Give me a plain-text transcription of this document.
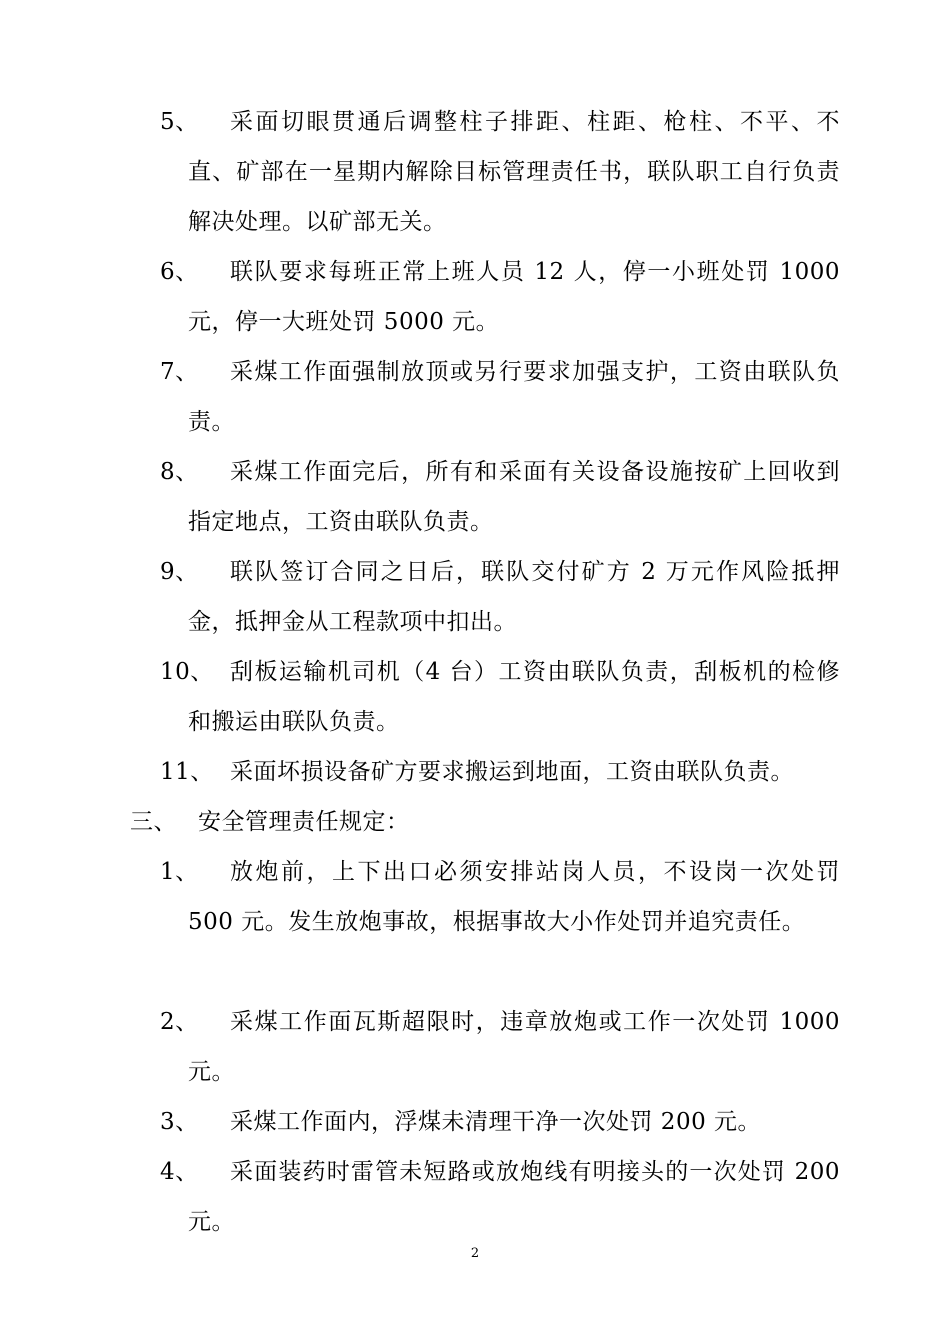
5、	采面切眼贯通后调整柱子排距、柱距、枪柱、不平、不直、矿部在一星期内解除目标管理责任书，联队职工自行负责解决处理。以矿部无关。
6、	联队要求每班正常上班人员 12 人，停一小班处罚 1000 元，停一大班处罚 5000 元。
7、	采煤工作面强制放顶或另行要求加强支护，工资由联队负责。
8、	采煤工作面完后，所有和采面有关设备设施按矿上回收到指定地点，工资由联队负责。
9、	联队签订合同之日后，联队交付矿方 2 万元作风险抵押金，抵押金从工程款项中扣出。
10、 刮板运输机司机（4 台）工资由联队负责，刮板机的检修和搬运由联队负责。
11、 采面坏损设备矿方要求搬运到地面，工资由联队负责。
三、 安全管理责任规定：
1、	放炮前，上下出口必须安排站岗人员，不设岗一次处罚 500 元。发生放炮事故，根据事故大小作处罚并追究责任。
2、	采煤工作面瓦斯超限时，违章放炮或工作一次处罚 1000 元。
3、	采煤工作面内，浮煤未清理干净一次处罚 200 元。
4、	采面装药时雷管未短路或放炮线有明接头的一次处罚 200 元。
2
